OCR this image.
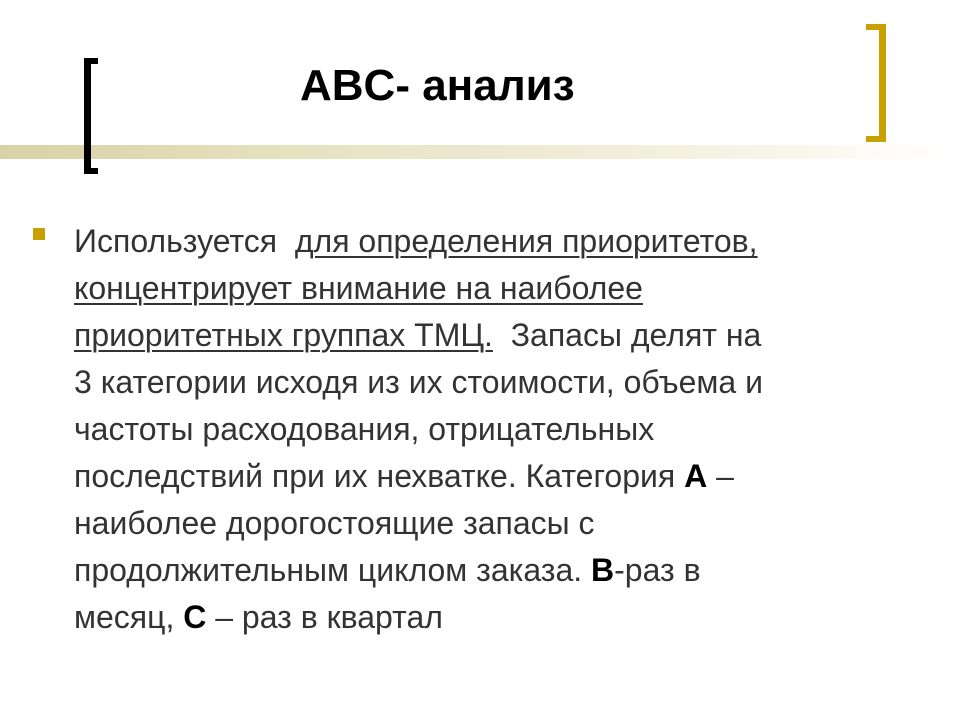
ABC- анализ
Используется  для определения приоритетов,
концентрирует внимание на наиболее
приоритетных группах ТМЦ.  Запасы делят на
3 категории исходя из их стоимости, объема и
частоты расходования, отрицательных
последствий при их нехватке. Категория А –
наиболее дорогостоящие запасы с
продолжительным циклом заказа. В-раз в
месяц, С – раз в квартал
